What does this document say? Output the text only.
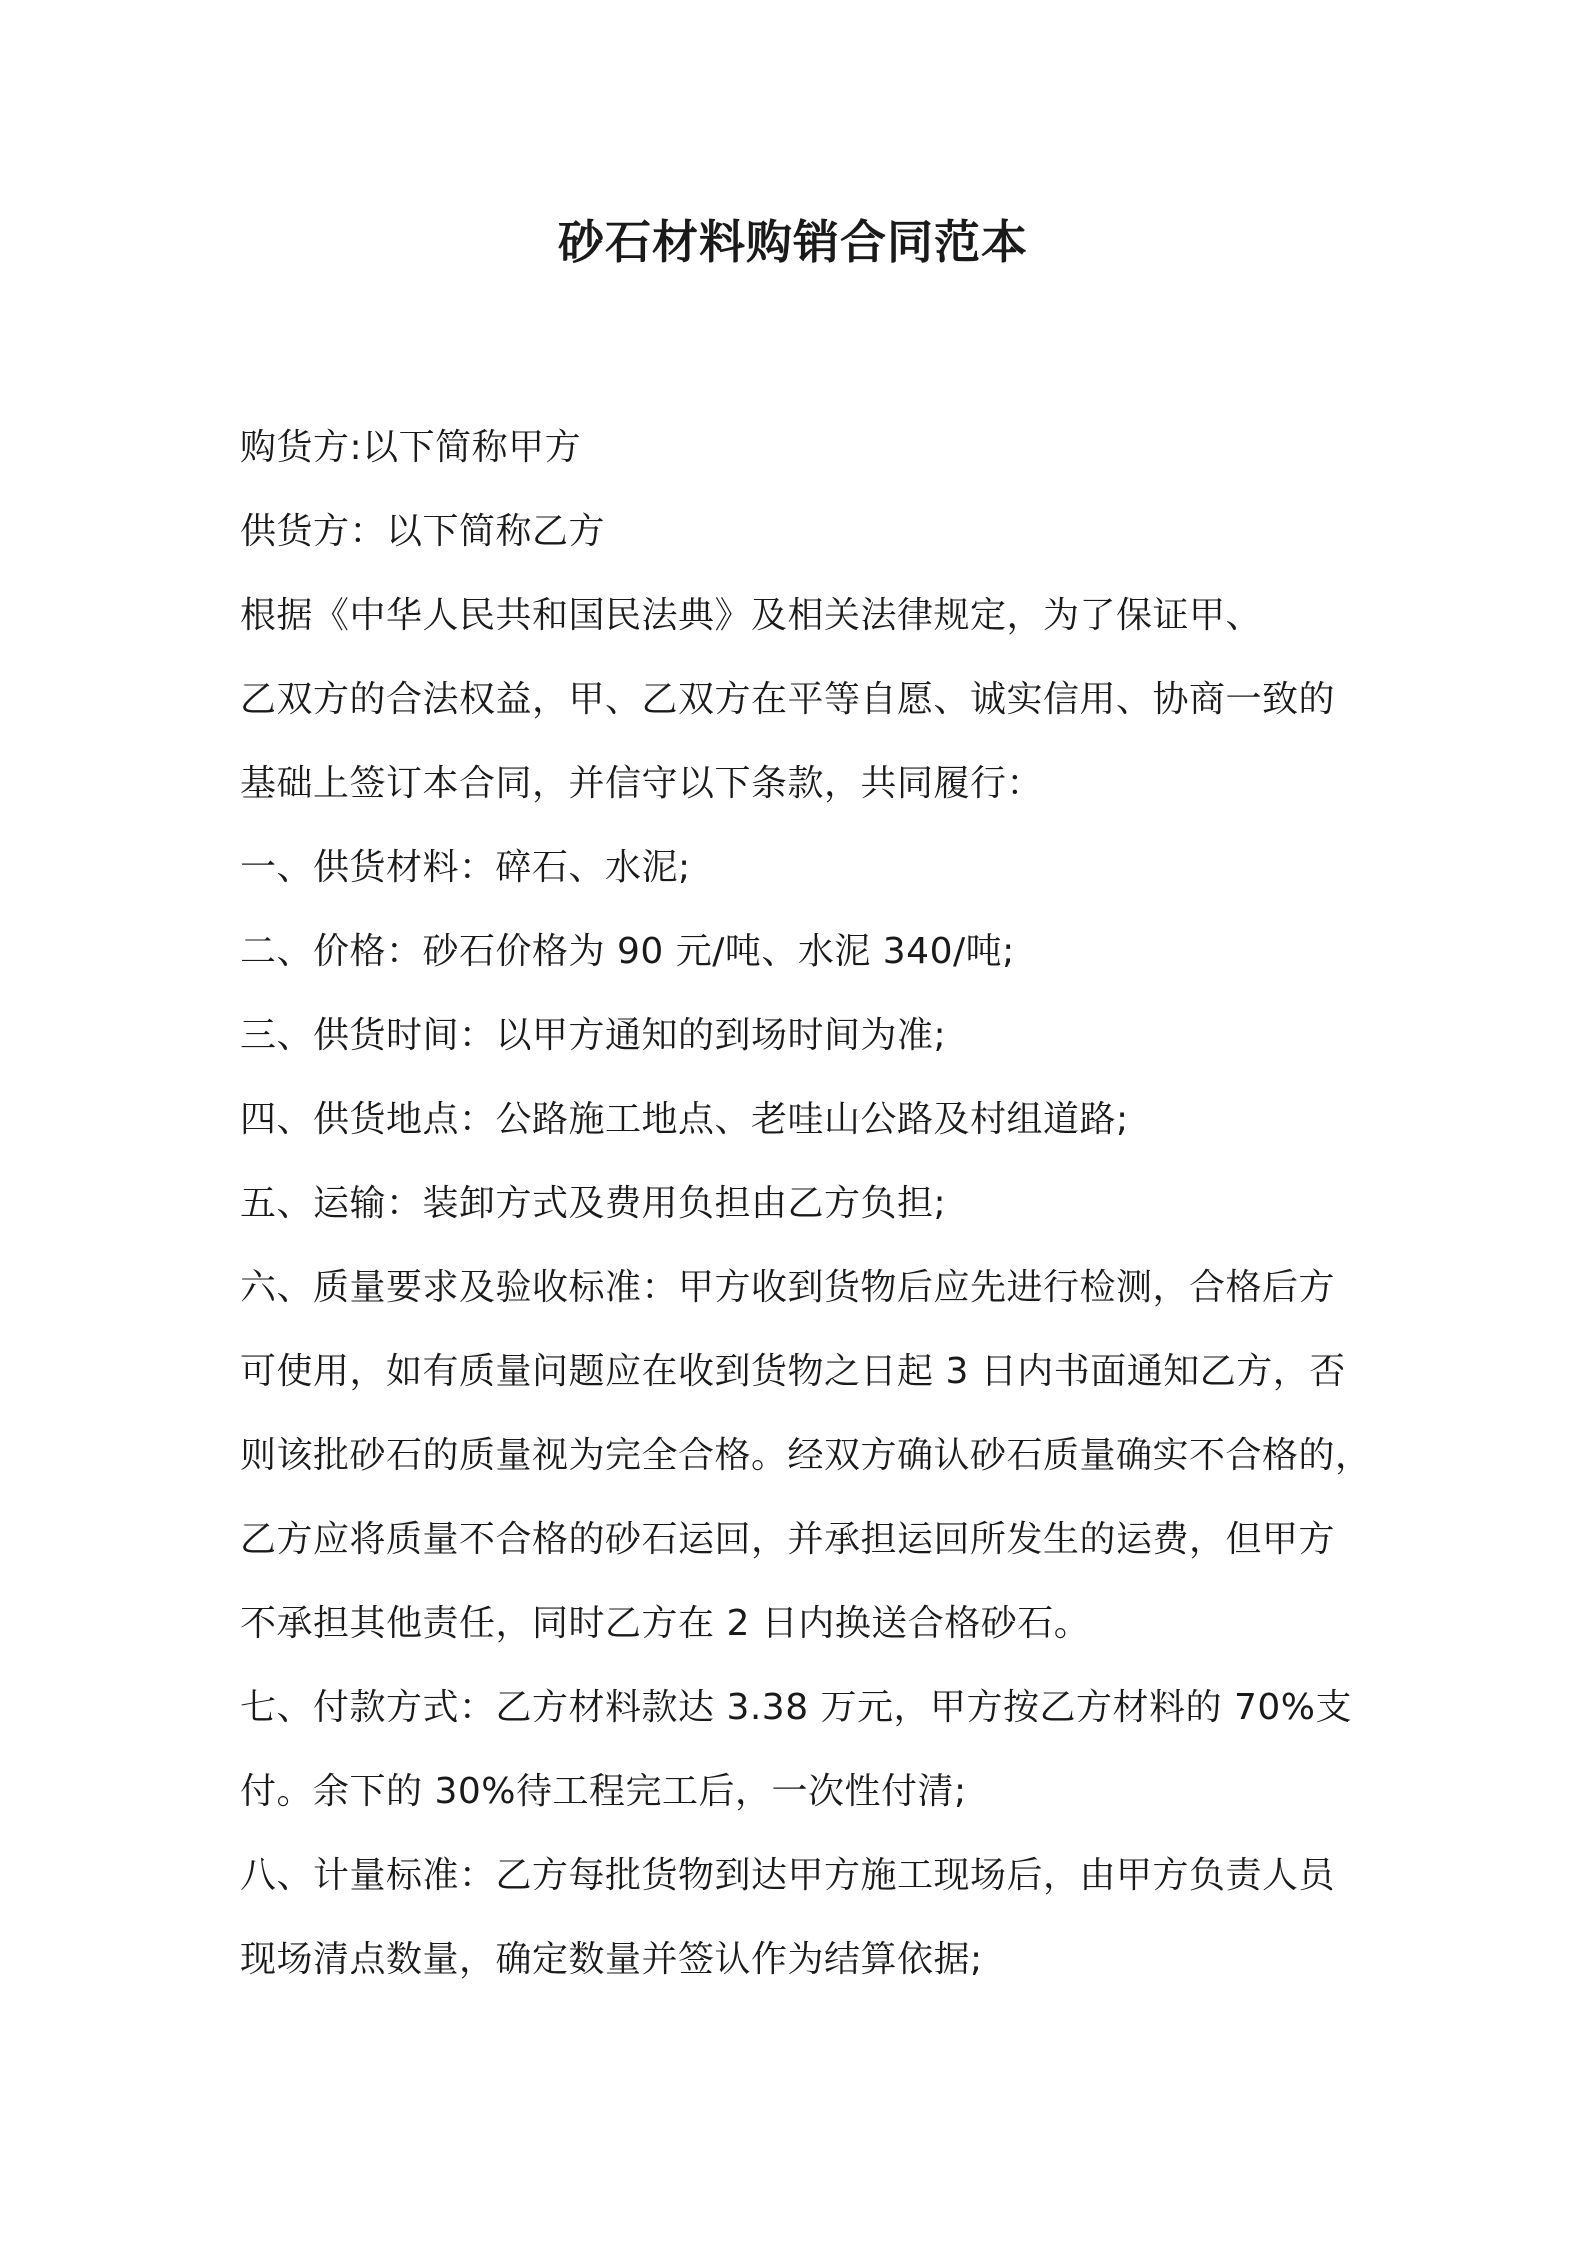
砂石材料购销合同范本
购货方:以下简称甲方
供货方：以下简称乙方
根据《中华人民共和国民法典》及相关法律规定，为了保证甲、
乙双方的合法权益，甲、乙双方在平等自愿、诚实信用、协商一致的
基础上签订本合同，并信守以下条款，共同履行：
一、供货材料：碎石、水泥;
二、价格：砂石价格为 90 元/吨、水泥 340/吨;
三、供货时间：以甲方通知的到场时间为准;
四、供货地点：公路施工地点、老哇山公路及村组道路;
五、运输：装卸方式及费用负担由乙方负担;
六、质量要求及验收标准：甲方收到货物后应先进行检测，合格后方
可使用，如有质量问题应在收到货物之日起 3 日内书面通知乙方，否
则该批砂石的质量视为完全合格。经双方确认砂石质量确实不合格的，
乙方应将质量不合格的砂石运回，并承担运回所发生的运费，但甲方
不承担其他责任，同时乙方在 2 日内换送合格砂石。
七、付款方式：乙方材料款达 3.38 万元，甲方按乙方材料的 70%支
付。余下的 30%待工程完工后，一次性付清;
八、计量标准：乙方每批货物到达甲方施工现场后，由甲方负责人员
现场清点数量，确定数量并签认作为结算依据;
